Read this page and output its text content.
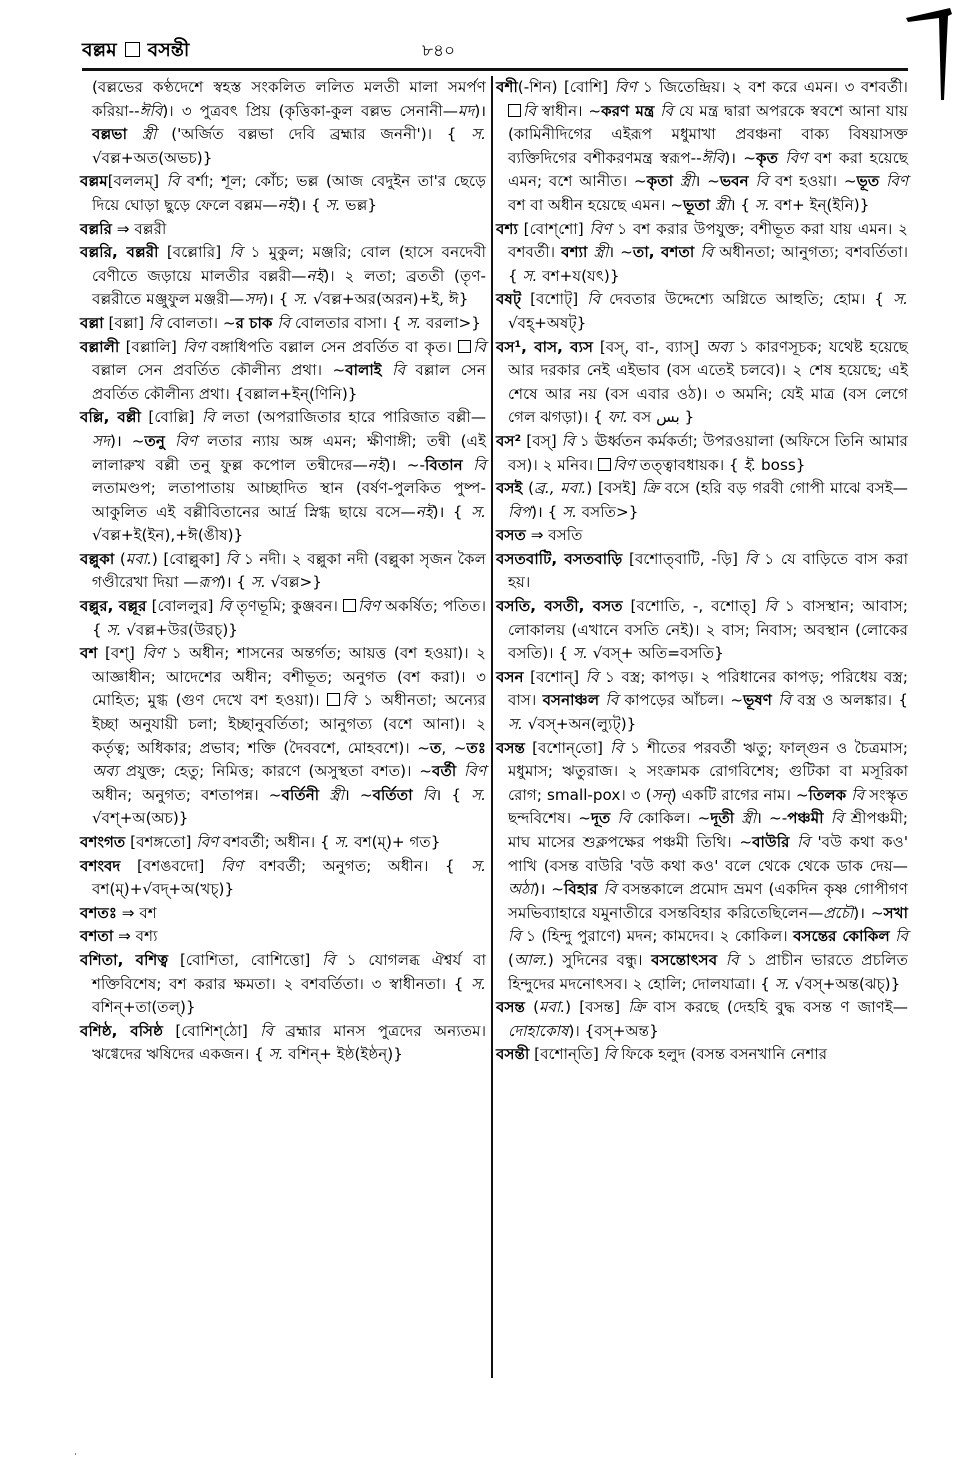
বল্লম বসন্তী	৮৪০

(বল্লভের কণ্ঠদেশে স্বহস্ত সংকলিত ললিত মলতী মালা সমর্পণ করিয়া--ঈবি)। ৩ পুত্রবৎ প্রিয় (কৃত্তিকা-কুল বল্লভ সেনানী—মদ)। বল্লভা স্ত্রী ('অর্জিত বল্লভা দেবি ব্রহ্মার জননী')। { স. √বল্ল+অত(অভচ)}

বল্লম[বললম্] বি বর্শা; শূল; কোঁচ; ভল্ল (আজ বেদুইন তা'র ছেড়ে দিয়ে ঘোড়া ছুড়ে ফেলে বল্লম—নই)। { স. ভল্ল}

বল্লরি ⇒ বল্লরী

বল্লরি, বল্লরী [বল্লোরি] বি ১ মুকুল; মঞ্জরি; বোল (হাসে বনদেবী বেণীতে জড়ায়ে মালতীর বল্লরী—নই)। ২ লতা; ব্রততী (তৃণ-বল্লরীতে মঞ্জুফুল মঞ্জরী—সদ)। { স. √বল্ল+অর(অরন)+ই, ঈ}

বল্লা [বল্লা] বি বোলতা। ~র চাক বি বোলতার বাসা। { স. বরলা>}

বল্লালী [বল্লালি] বিণ বঙ্গাধিপতি বল্লাল সেন প্রবর্তিত বা কৃত। বি বল্লাল সেন প্রবর্তিত কৌলীন্য প্রথা। ~বালাই বি বল্লাল সেন প্রবর্তিত কৌলীন্য প্রথা। {বল্লাল+ইন্(ণিনি)}

বল্লি, বল্লী [বোল্লি] বি লতা (অপরাজিতার হারে পারিজাত বল্লী—সদ)। ~তনু বিণ লতার ন্যায় অঙ্গ এমন; ক্ষীণাঙ্গী; তন্বী (এই লালারুখ বল্লী তনু ফুল্ল কপোল তন্বীদের—নই)। ~-বিতান বি লতামণ্ডপ; লতাপাতায় আচ্ছাদিত স্থান (বর্ষণ-পুলকিত পুষ্প-আকুলিত এই বল্লীবিতানের আর্দ্র স্নিগ্ধ ছায়ে বসে—নই)। { স. √বল্ল+ই(ইন),+ঈ(ঙীষ)}

বল্লুকা (মবা.) [বোল্লুকা] বি ১ নদী। ২ বল্লুকা নদী (বল্লুকা সৃজন কৈল গণ্ডীরেখা দিয়া —রূপ)। { স. √বল্ল>}

বল্লুর, বল্লূর [বোললুর] বি তৃণভূমি; কুঞ্জবন। বিণ অকর্ষিত; পতিত। { স. √বল্ল+উর(উরচ্)}

বশ [বশ্] বিণ ১ অধীন; শাসনের অন্তর্গত; আয়ত্ত (বশ হওয়া)। ২ আজ্ঞাধীন; আদেশের অধীন; বশীভূত; অনুগত (বশ করা)। ৩ মোহিত; মুগ্ধ (গুণ দেখে বশ হওয়া)। বি ১ অধীনতা; অন্যের ইচ্ছা অনুযায়ী চলা; ইচ্ছানুবর্তিতা; আনুগত্য (বশে আনা)। ২ কর্তৃত্ব; অধিকার; প্রভাব; শক্তি (দৈববশে, মোহবশে)। ~ত, ~তঃ অব্য প্রযুক্ত; হেতু; নিমিত্ত; কারণে (অসুস্থতা বশত)। ~বর্তী বিণ অধীন; অনুগত; বশতাপন্ন। ~বর্তিনী স্ত্রী। ~বর্তিতা বি। { স. √বশ্+অ(অচ)}

বশংগত [বশঙ্গতো] বিণ বশবর্তী; অধীন। { স. বশ(ম্)+ গত}

বশংবদ [বশঙবদো] বিণ বশবর্তী; অনুগত; অধীন। { স. বশ(ম্)+√বদ্+অ(খচ্)}

বশতঃ ⇒ বশ

বশতা ⇒ বশ্য

বশিতা, বশিত্ব [বোশিতা, বোশিত্তো] বি ১ যোগলব্ধ ঐশ্বর্য বা শক্তিবিশেষ; বশ করার ক্ষমতা। ২ বশবর্তিতা। ৩ স্বাধীনতা। { স. বশিন্+তা(তল্)}

বশিষ্ঠ, বসিষ্ঠ [বোশিশ্‌ঠো] বি ব্রহ্মার মানস পুত্রদের অন্যতম। ঋগ্বেদের ঋষিদের একজন। { স. বশিন্+ ইষ্ঠ(ইষ্ঠন্)}

বশী(-শিন) [বোশি] বিণ ১ জিতেন্দ্রিয়। ২ বশ করে এমন। ৩ বশবর্তী। বি স্বাধীন। ~করণ মন্ত্র বি যে মন্ত্র দ্বারা অপরকে স্ববশে আনা যায় (কামিনীদিগের এইরূপ মধুমাখা প্রবঞ্চনা বাক্য বিষয়াসক্ত ব্যক্তিদিগের বশীকরণমন্ত্র স্বরূপ--ঈবি)। ~কৃত বিণ বশ করা হয়েছে এমন; বশে আনীত। ~কৃতা স্ত্রী। ~ভবন বি বশ হওয়া। ~ভূত বিণ বশ বা অধীন হয়েছে এমন। ~ভূতা স্ত্রী। { স. বশ+ ইন্(ইনি)}

বশ্য [বোশ্‌শো] বিণ ১ বশ করার উপযুক্ত; বশীভূত করা যায় এমন। ২ বশবর্তী। বশ্যা স্ত্রী। ~তা, বশতা বি অধীনতা; আনুগত্য; বশবর্তিতা। { স. বশ+য(যৎ)}

বষট্ [বশোট্] বি দেবতার উদ্দেশ্যে অগ্নিতে আহুতি; হোম। { স. √বহ্+অষট্}

বস¹, বাস, ব্যস [বস্, বা-, ব্যাস্] অব্য ১ কারণসূচক; যথেষ্ট হয়েছে আর দরকার নেই এইভাব (বস এতেই চলবে)। ২ শেষ হয়েছে; এই শেষে আর নয় (বস এবার ওঠ)। ৩ অমনি; যেই মাত্র (বস লেগে গেল ঝগড়া)। { ফা. বস بس }

বস² [বস্] বি ১ ঊর্ধ্বতন কর্মকর্তা; উপরওয়ালা (অফিসে তিনি আমার বস)। ২ মনিব। বিণ তত্ত্বাবধায়ক। { ই. boss}

বসই (ব্র., মবা.) [বসই] ক্রি বসে (হরি বড় গরবী গোপী মাঝে বসই—বিপ)। { স. বসতি>}

বসত ⇒ বসতি

বসতবাটি, বসতবাড়ি [বশোত্‌বাটি, -ড়ি] বি ১ যে বাড়িতে বাস করা হয়।

বসতি, বসতী, বসত [বশোতি, -, বশোত্] বি ১ বাসস্থান; আবাস; লোকালয় (এখানে বসতি নেই)। ২ বাস; নিবাস; অবস্থান (লোকের বসতি)। { স. √বস্+ অতি=বসতি}

বসন [বশোন্] বি ১ বস্ত্র; কাপড়। ২ পরিধানের কাপড়; পরিধেয় বস্ত্র; বাস। বসনাঞ্চল বি কাপড়ের আঁচল। ~ভূষণ বি বস্ত্র ও অলঙ্কার। { স. √বস্+অন(ল্যুট্)}

বসন্ত [বশোন্‌তো] বি ১ শীতের পরবর্তী ঋতু; ফাল্গুন ও চৈত্রমাস; মধুমাস; ঋতুরাজ। ২ সংক্রামক রোগবিশেষ; গুটিকা বা মসূরিকা রোগ; small-pox। ৩ (সন্) একটি রাগের নাম। ~তিলক বি সংস্কৃত ছন্দবিশেষ। ~দূত বি কোকিল। ~দূতী স্ত্রী। ~-পঞ্চমী বি শ্রীপঞ্চমী; মাঘ মাসের শুক্লপক্ষের পঞ্চমী তিথি। ~বাউরি বি 'বউ কথা কও' পাখি (বসন্ত বাউরি 'বউ কথা কও' বলে থেকে থেকে ডাক দেয়—অঠা)। ~বিহার বি বসন্তকালে প্রমোদ ভ্রমণ (একদিন কৃষ্ণ গোপীগণ সমভিব্যাহারে যমুনাতীরে বসন্তবিহার করিতেছিলেন—প্রচৌ)। ~সখা বি ১ (হিন্দু পুরাণে) মদন; কামদেব। ২ কোকিল। বসন্তের কোকিল বি (আল.) সুদিনের বন্ধু। বসন্তোৎসব বি ১ প্রাচীন ভারতে প্রচলিত হিন্দুদের মদনোৎসব। ২ হোলি; দোলযাত্রা। { স. √বস্+অন্ত(ঝচ্)}

বসন্ত (মবা.) [বসন্ত] ক্রি বাস করছে (দেহহি বুদ্ধ বসন্ত ণ জাণই—দোহাকোষ)। {বস্+অন্ত}

বসন্তী [বশোন্‌তি] বি ফিকে হলুদ (বসন্ত বসনখানি নেশার

·
